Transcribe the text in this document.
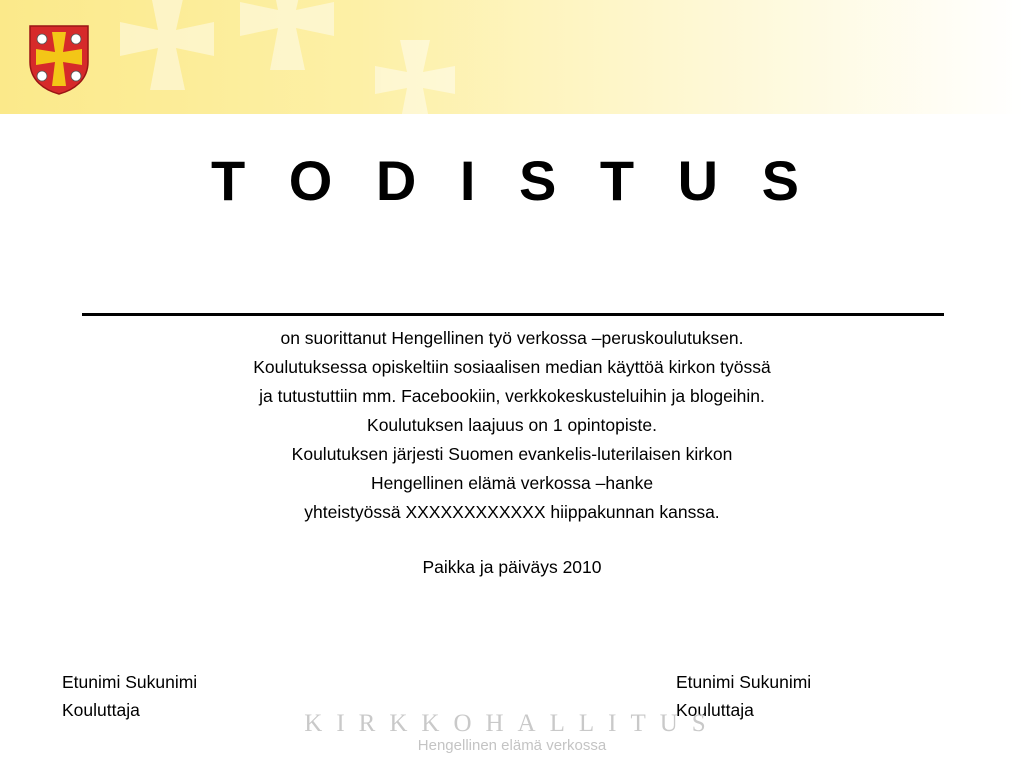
T O D I S T U S
on suorittanut Hengellinen työ verkossa –peruskoulutuksen.
Koulutuksessa opiskeltiin sosiaalisen median käyttöä kirkon työssä
ja tutustuttiin mm. Facebookiin, verkkokeskusteluihin ja blogeihin.
Koulutuksen laajuus on 1 opintopiste.
Koulutuksen järjesti Suomen evankelis-luterilaisen kirkon
Hengellinen elämä verkossa –hanke
yhteistyössä XXXXXXXXXXXX hiippakunnan kanssa.
Paikka ja päiväys 2010
Etunimi Sukunimi
Kouluttaja
Etunimi Sukunimi
Kouluttaja
KIRKKOHALLITUS
Hengellinen elämä verkossa
